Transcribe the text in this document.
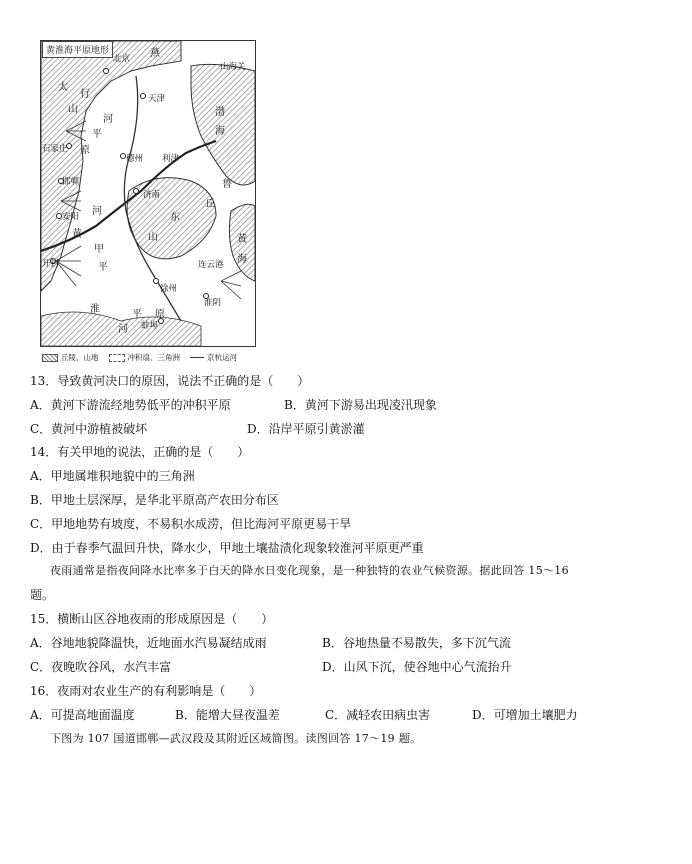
黄淮海平原地形	燕
山海关
北京
天津
太
山
行
河
渤
海
平
石家庄 原
德州 利津
邯郸
济南
鲁
丘
安阳 河
东
黄	山
甲
黄
海
开封	连云港
平
徐州
淮
淮阴
平 原
河 蚌埠
丘陵、山地	冲积扇、三角洲	京杭运河
13．导致黄河决口的原因，说法不正确的是（　　）
A．黄河下游流经地势低平的冲积平原	B．黄河下游易出现凌汛现象
C．黄河中游植被破坏	D．沿岸平原引黄淤灌
14．有关甲地的说法，正确的是（　　）
A．甲地属堆积地貌中的三角洲
B．甲地土层深厚，是华北平原高产农田分布区
C．甲地地势有坡度，不易积水成涝，但比海河平原更易干旱
D．由于春季气温回升快，降水少，甲地土壤盐渍化现象较淮河平原更严重
夜雨通常是指夜间降水比率多于白天的降水日变化现象，是一种独特的农业气候资源。据此回答 15～16
题。
15．横断山区谷地夜雨的形成原因是（　　）
A．谷地地貌降温快，近地面水汽易凝结成雨	B．谷地热量不易散失，多下沉气流
C．夜晚吹谷风，水汽丰富	D．山风下沉，使谷地中心气流抬升
16．夜雨对农业生产的有利影响是（　　）
A．可提高地面温度	B．能增大昼夜温差	C．减轻农田病虫害	D．可增加土壤肥力
下图为 107 国道邯郸—武汉段及其附近区域简图。读图回答 17～19 题。
